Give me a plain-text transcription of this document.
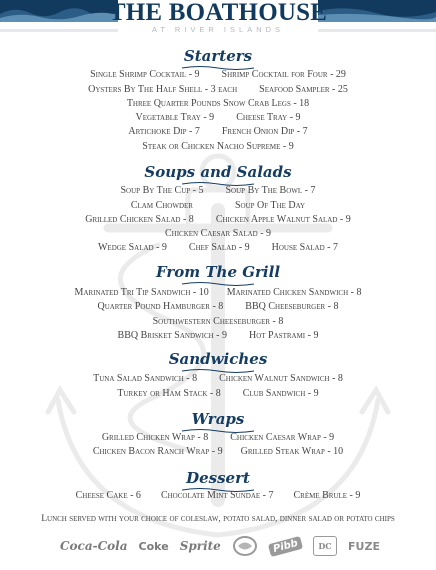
THE BOATHOUSE
AT RIVER ISLANDS
Starters
Soups and Salads
From The Grill
Sandwiches
Wraps
Dessert
Single Shrimp Cocktail - 9 Shrimp Cocktail for Four - 29
Oysters By The Half Shell - 3 each Seafood Sampler - 25
Three Quarter Pounds Snow Crab Legs - 18
Vegetable Tray - 9 Cheese Tray - 9
Artichoke Dip - 7 French Onion Dip - 7
Steak or Chicken Nacho Supreme - 9
Soup By The Cup - 5 Soup By The Bowl - 7
Clam Chowder	Soup Of The Day
Grilled Chicken Salad - 8 Chicken Apple Walnut Salad - 9
Chicken Caesar Salad - 9
Wedge Salad - 9 Chef Salad - 9 House Salad - 7
Marinated Tri Tip Sandwich - 10 Marinated Chicken Sandwich - 8
Quarter Pound Hamburger - 8 BBQ Cheeseburger - 8
Southwestern Cheeseburger - 8
BBQ Brisket Sandwich - 9 Hot Pastrami - 9
Tuna Salad Sandwich - 8 Chicken Walnut Sandwich - 8
Turkey or Ham Stack - 8 Club Sandwich - 9
Grilled Chicken Wrap - 8 Chicken Caesar Wrap - 9
Chicken Bacon Ranch Wrap - 9 Grilled Steak Wrap - 10
Cheese Cake - 6 Chocolate Mint Sundae - 7 Crème Brule - 9
Lunch served with your choice of coleslaw, potato salad, dinner salad or potato chips
Coca-Cola Coke Sprite	Pibb	DC	FUZE
